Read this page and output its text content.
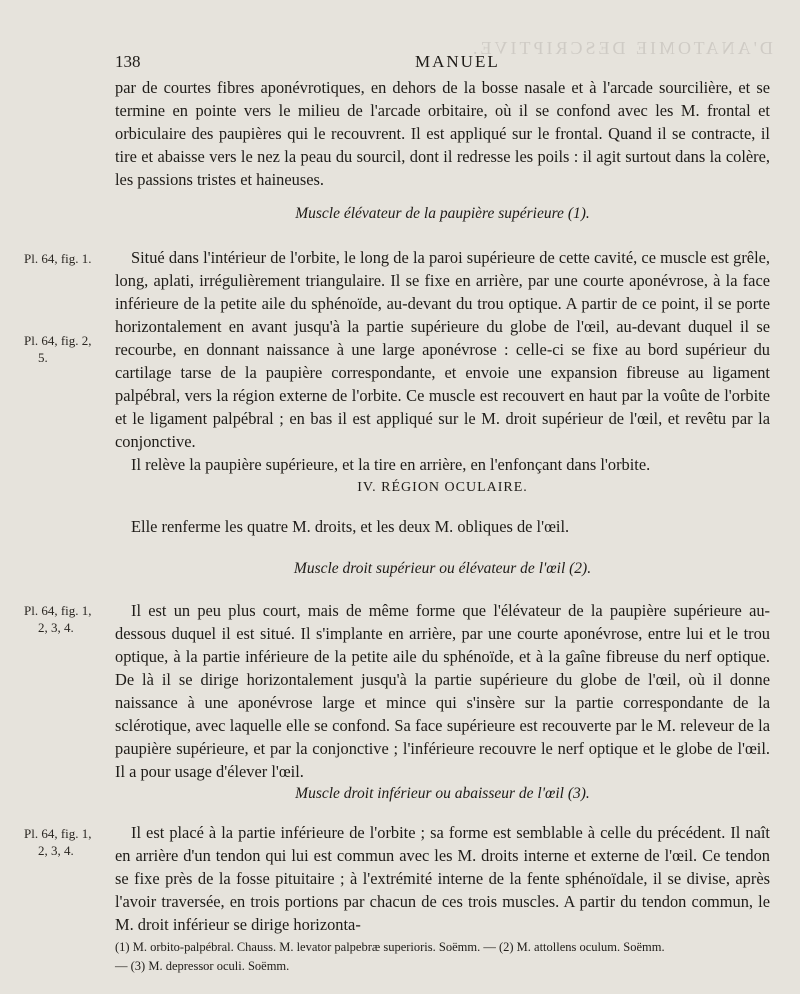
D'ANATOMIE DESCRIPTIVE.
138	MANUEL

par de courtes fibres aponévrotiques, en dehors de la bosse nasale et à l'arcade sourcilière, et se termine en pointe vers le milieu de l'arcade orbitaire, où il se confond avec les M. frontal et orbiculaire des paupières qui le recouvrent. Il est appliqué sur le frontal. Quand il se contracte, il tire et abaisse vers le nez la peau du sourcil, dont il redresse les poils : il agit surtout dans la colère, les passions tristes et haineuses.

Muscle élévateur de la paupière supérieure (1).
Pl. 64, fig. 1.
Pl. 64, fig. 2,
5.

Situé dans l'intérieur de l'orbite, le long de la paroi supérieure de cette cavité, ce muscle est grêle, long, aplati, irrégulièrement triangulaire. Il se fixe en arrière, par une courte aponévrose, à la face inférieure de la petite aile du sphénoïde, au-devant du trou optique. A partir de ce point, il se porte horizontalement en avant jusqu'à la partie supérieure du globe de l'œil, au-devant duquel il se recourbe, en donnant naissance à une large aponévrose : celle-ci se fixe au bord supérieur du cartilage tarse de la paupière correspondante, et envoie une expansion fibreuse au ligament palpébral, vers la région externe de l'orbite. Ce muscle est recouvert en haut par la voûte de l'orbite et le ligament palpébral ; en bas il est appliqué sur le M. droit supérieur de l'œil, et revêtu par la conjonctive.

Il relève la paupière supérieure, et la tire en arrière, en l'enfonçant dans l'orbite.

IV. RÉGION OCULAIRE.

Elle renferme les quatre M. droits, et les deux M. obliques de l'œil.

Muscle droit supérieur ou élévateur de l'œil (2).
Pl. 64, fig. 1,
2, 3, 4.

Il est un peu plus court, mais de même forme que l'élévateur de la paupière supérieure au-dessous duquel il est situé. Il s'implante en arrière, par une courte aponévrose, entre lui et le trou optique, à la partie inférieure de la petite aile du sphénoïde, et à la gaîne fibreuse du nerf optique. De là il se dirige horizontalement jusqu'à la partie supérieure du globe de l'œil, où il donne naissance à une aponévrose large et mince qui s'insère sur la partie correspondante de la sclérotique, avec laquelle elle se confond. Sa face supérieure est recouverte par le M. releveur de la paupière supérieure, et par la conjonctive ; l'inférieure recouvre le nerf optique et le globe de l'œil. Il a pour usage d'élever l'œil.

Muscle droit inférieur ou abaisseur de l'œil (3).
Pl. 64, fig. 1,
2, 3, 4.

Il est placé à la partie inférieure de l'orbite ; sa forme est semblable à celle du précédent. Il naît en arrière d'un tendon qui lui est commun avec les M. droits interne et externe de l'œil. Ce tendon se fixe près de la fosse pituitaire ; à l'extrémité interne de la fente sphénoïdale, il se divise, après l'avoir traversée, en trois portions par chacun de ces trois muscles. A partir du tendon commun, le M. droit inférieur se dirige horizonta-

(1) M. orbito-palpébral. Chauss. M. levator palpebræ superioris. Soëmm. — (2) M. attollens oculum. Soëmm.
— (3) M. depressor oculi. Soëmm.
